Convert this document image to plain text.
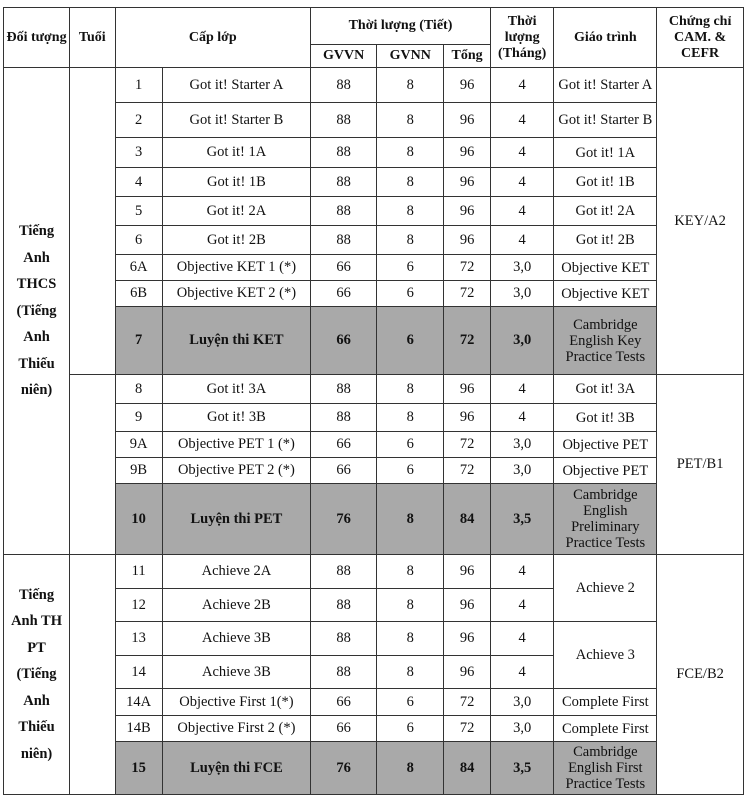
Đối tượng	Tuổi	Cấp lớp		Thời lượng (Tiết)			Thời lượng (Tháng)	Giáo trình	Chứng chỉ CAM. & CEFR
				GVVN	GVNN	Tổng			
Tiếng Anh THCS (Tiếng Anh Thiếu niên)		1	Got it! Starter A	88	8	96	4	Got it! Starter A	KEY/A2
		2	Got it! Starter B	88	8	96	4	Got it! Starter B	
		3	Got it! 1A	88	8	96	4	Got it! 1A	
		4	Got it! 1B	88	8	96	4	Got it! 1B	
		5	Got it! 2A	88	8	96	4	Got it! 2A	
		6	Got it! 2B	88	8	96	4	Got it! 2B	
		6A	Objective KET 1 (*)	66	6	72	3,0	Objective KET	
		6B	Objective KET 2 (*)	66	6	72	3,0	Objective KET	
		7	Luyện thi KET	66	6	72	3,0	Cambridge English Key Practice Tests	
		8	Got it! 3A	88	8	96	4	Got it! 3A	PET/B1
		9	Got it! 3B	88	8	96	4	Got it! 3B	
		9A	Objective PET 1 (*)	66	6	72	3,0	Objective PET	
		9B	Objective PET 2 (*)	66	6	72	3,0	Objective PET	
		10	Luyện thi PET	76	8	84	3,5	Cambridge English Preliminary Practice Tests	
Tiếng Anh TH PT (Tiếng Anh Thiếu niên)		11	Achieve 2A	88	8	96	4	Achieve 2	FCE/B2
		12	Achieve 2B	88	8	96	4		
		13	Achieve 3B	88	8	96	4	Achieve 3	
		14	Achieve 3B	88	8	96	4		
		14A	Objective First 1(*)	66	6	72	3,0	Complete First	
		14B	Objective First 2 (*)	66	6	72	3,0	Complete First	
		15	Luyện thi FCE	76	8	84	3,5	Cambridge English First Practice Tests	
